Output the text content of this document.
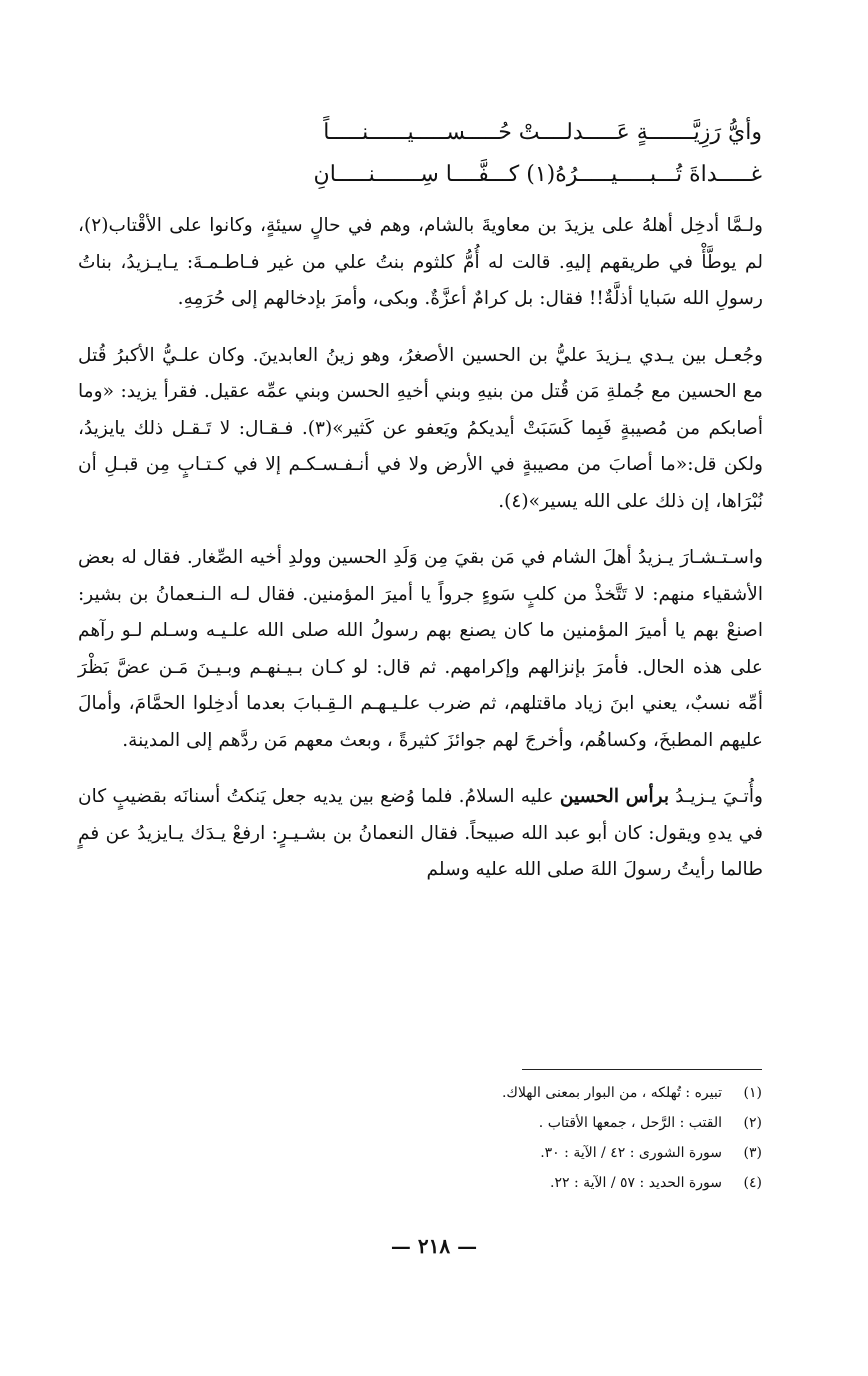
وأيُّ رَزِيَّـــــــةٍ عَـــــدلــــتْ حُـــــســـــيــــــنـــــاً
غـــــداةَ تُـــبـــــيـــــرُهُ(١) كـــفَّــــا سِـــــــنـــــانِ

ولـمَّا أدخِل أهلهُ على يزيدَ بن معاويةَ بالشام، وهم في حالٍ سيئةٍ، وكانوا على الأقْتاب(٢)، لم يوطَّأْ في طريقهم إليهِ. قالت له أُمُّ كلثوم بنتُ علي من غير فـاطـمـةَ: يـايـزيدُ، بناتُ رسولِ الله سَبايا أذلَّةٌ!! فقال: بل كرامٌ أعزَّةٌ. وبكى، وأمرَ بإدخالهم إلى حُرَمِهِ.

وجُعـل بين يـدي يـزيدَ عليُّ بن الحسين الأصغرُ، وهو زينُ العابدينَ. وكان علـيُّ الأكبرُ قُتل مع الحسين مع جُملةِ مَن قُتل من بنيهِ وبني أخيهِ الحسن وبني عمِّه عقيل. فقرأ يزيد: «وما أصابكم من مُصيبةٍ فَبِما كَسَبَتْ أيديكمُ ويَعفو عن كَثير»(٣). فـقـال: لا تَـقـل ذلك يايزيدُ، ولكن قل:«ما أصابَ من مصيبةٍ في الأرض ولا في أنـفـسـكـم إلا في كـتـابٍ مِن قبـلِ أن نُبْرَاها، إن ذلك على الله يسير»(٤).

واسـتـشـارَ يـزيدُ أهلَ الشام في مَن بقيَ مِن وَلَدِ الحسين وولدِ أخيه الصِّغار. فقال له بعض الأشقياء منهم: لا تَتَّخذْ من كلبٍ سَوءٍ جرواً يا أميرَ المؤمنين. فقال لـه الـنـعمانُ بن بشير: اصنعْ بهم يا أميرَ المؤمنين ما كان يصنع بهم رسولُ الله صلى الله علـيـه وسـلم لـو رآهم على هذه الحال. فأمرَ بإنزالهم وإكرامهم. ثم قال: لو كـان بـيـنهـم وبـيـنَ مَـن عضَّ بَظْرَ أمِّه نسبٌ، يعني ابنَ زياد ماقتلهم، ثم ضرب علـيـهـم الـقِـبابَ بعدما أدخِلوا الحمَّامَ، وأمالَ عليهم المطبخَ، وكساهُم، وأخرجَ لهم جوائزَ كثيرةً ، وبعث معهم مَن ردَّهم إلى المدينة.

وأُتـيَ يـزيـدُ برأس الحسين عليه السلامُ. فلما وُضع بين يديه جعل يَنكتُ أسنانَه بقضيبٍ كان في يدهِ ويقول: كان أبو عبد الله صبيحاً. فقال النعمانُ بن بشـيـرٍ: ارفعْ يـدَك يـايزيدُ عن فمٍ طالما رأيتُ رسولَ اللهَ صلى الله عليه وسلم

(١)
تبيره : تُهلكه ، من البوار بمعنى الهلاك.
(٢)
القتب : الرَّحل ، جمعها الأقتاب .
(٣)
سورة الشورى : ٤٢ / الآية : ٣٠.
(٤)
سورة الحديد : ٥٧ / الآية : ٢٢.
— ٢١٨ —
